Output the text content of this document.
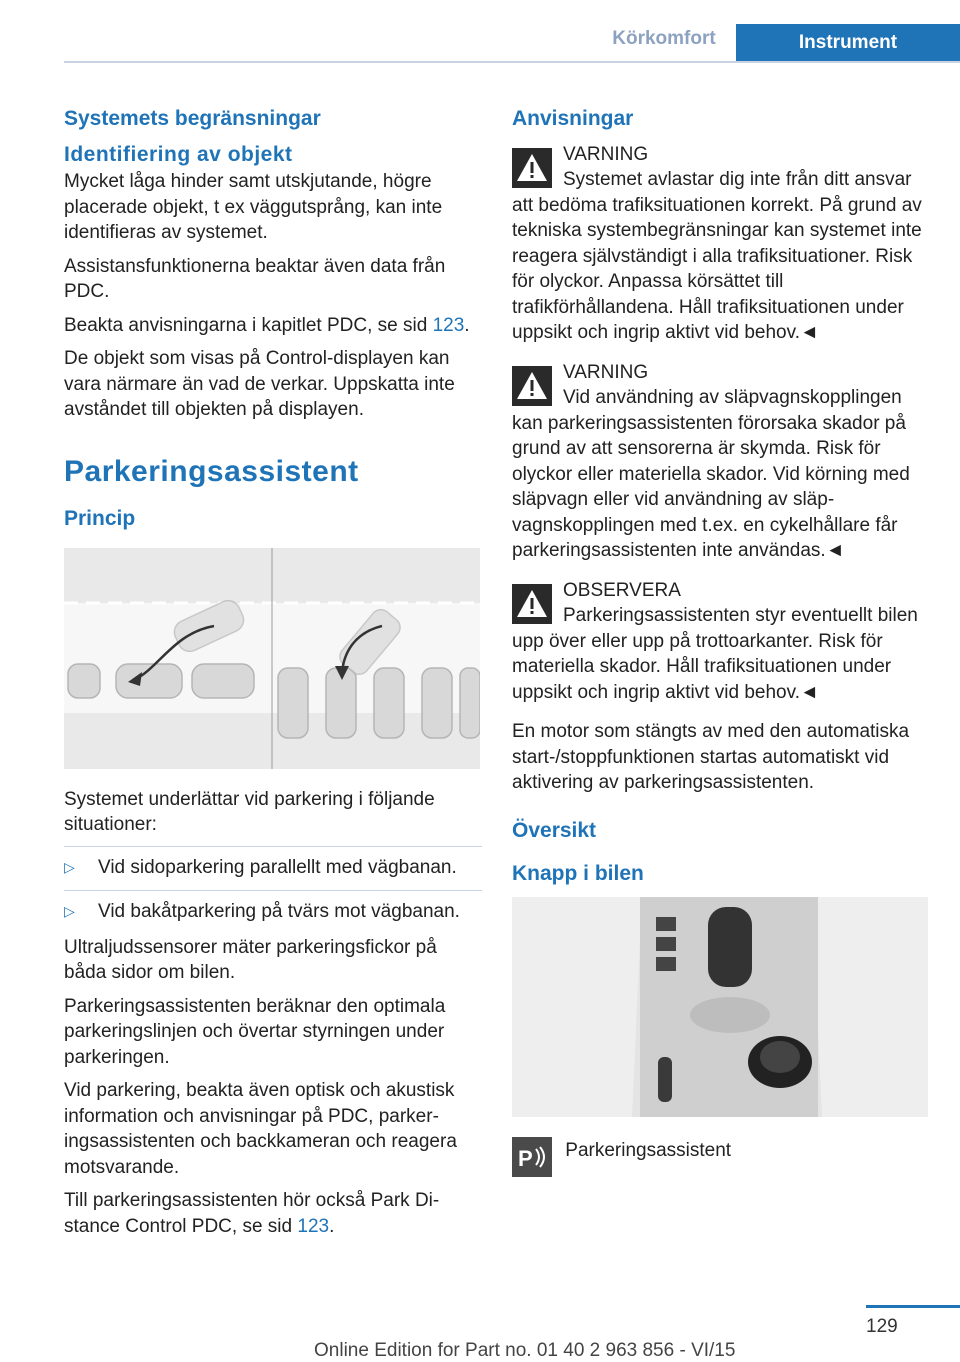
Körkomfort	Instrument
Systemets begränsningar
Identifiering av objekt

Mycket låga hinder samt utskjutande, högre placerade objekt, t ex väggutsprång, kan inte identifieras av systemet.

Assistansfunktionerna beaktar även data från PDC.

Beakta anvisningarna i kapitlet PDC, se sid 123.

De objekt som visas på Control-displayen kan vara närmare än vad de verkar. Uppskatta inte avståndet till objekten på displayen.

Parkeringsassistent
Princip

Systemet underlättar vid parkering i följande situationer:

▷	Vid sidoparkering parallellt med vägbanan.
▷	Vid bakåtparkering på tvärs mot vägbanan.

Ultraljudssensorer mäter parkeringsfickor på båda sidor om bilen.

Parkeringsassistenten beräknar den optimala parkeringslinjen och övertar styrningen under parkeringen.

Vid parkering, beakta även optisk och akustisk information och anvisningar på PDC, parkeringsassistenten och backkameran och reagera motsvarande.

Till parkeringsassistenten hör också Park Distance Control PDC, se sid 123.

Anvisningar
VARNING
Systemet avlastar dig inte från ditt ansvar att bedöma trafiksituationen korrekt. På grund av tekniska systembegränsningar kan systemet inte reagera självständigt i alla trafiksituationer. Risk för olyckor. Anpassa körsättet till trafikförhållandena. Håll trafiksituationen under uppsikt och ingrip aktivt vid behov.◄
VARNING
Vid användning av släpvagnskopplingen kan parkeringsassistenten förorsaka skador på grund av att sensorerna är skymda. Risk för olyckor eller materiella skador. Vid körning med släpvagn eller vid användning av släpvagnskopplingen med t.ex. en cykelhållare får parkeringsassistenten inte användas.◄
OBSERVERA
Parkeringsassistenten styr eventuellt bilen upp över eller upp på trottoarkanter. Risk för materiella skador. Håll trafiksituationen under uppsikt och ingrip aktivt vid behov.◄

En motor som stängts av med den automatiska start-/stoppfunktionen startas automatiskt vid aktivering av parkeringsassistenten.

Översikt
Knapp i bilen
P Parkeringsassistent
129
Online Edition for Part no. 01 40 2 963 856 - VI/15
